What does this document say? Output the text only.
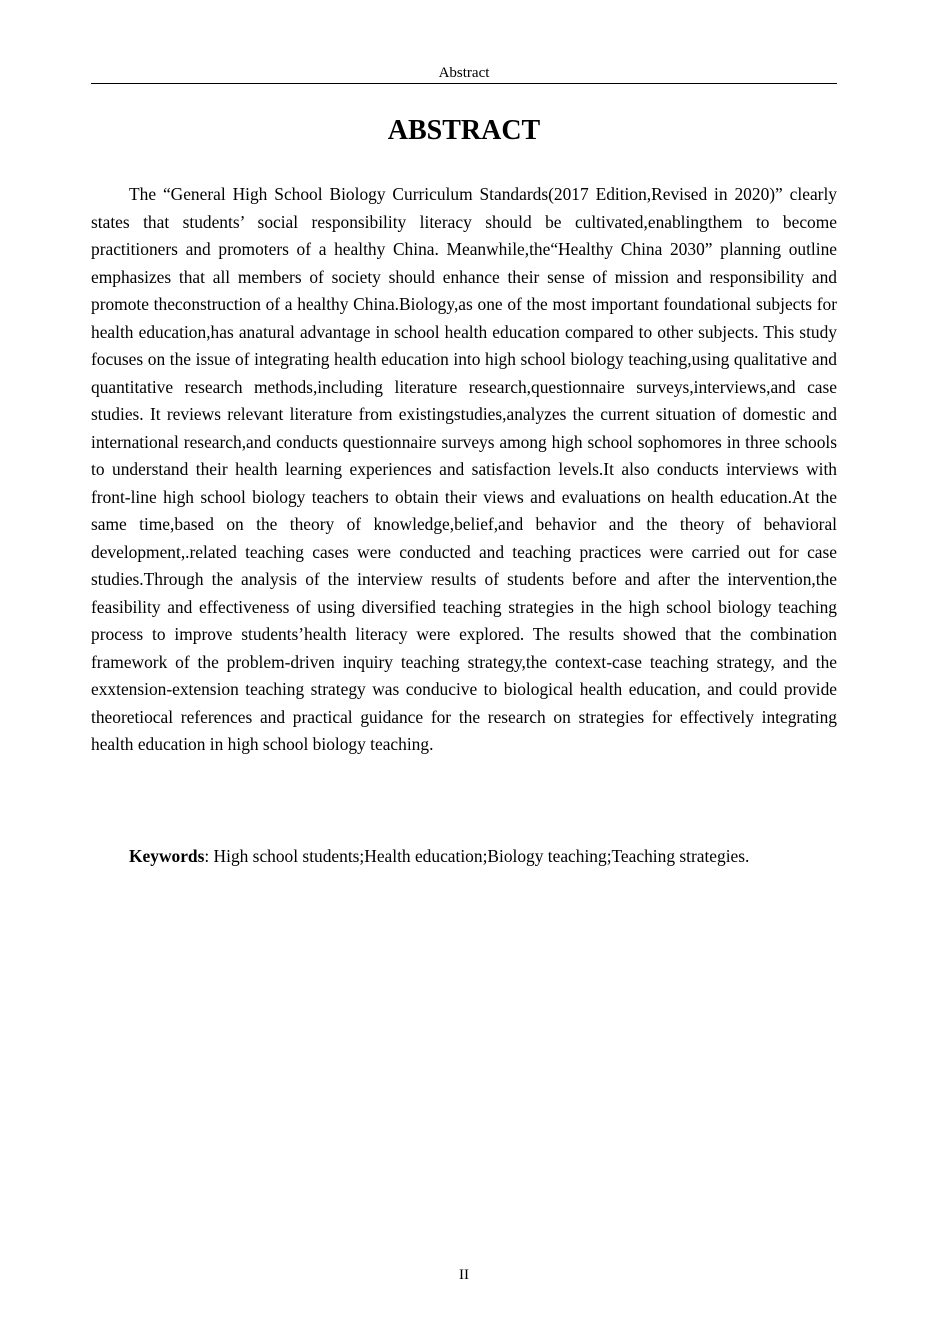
Abstract
ABSTRACT

The “General High School Biology Curriculum Standards(2017 Edition,Revised in 2020)” clearly states that students’ social responsibility literacy should be cultivated,enablingthem to become practitioners and promoters of a healthy China. Meanwhile,the“Healthy China 2030” planning outline emphasizes that all members of society should enhance their sense of mission and responsibility and promote theconstruction of a healthy China.Biology,as one of the most important foundational subjects for health education,has anatural advantage in school health education compared to other subjects. This study focuses on the issue of integrating health education into high school biology teaching,using qualitative and quantitative research methods,including literature research,questionnaire surveys,interviews,and case studies. It reviews relevant literature from existingstudies,analyzes the current situation of domestic and international research,and conducts questionnaire surveys among high school sophomores in three schools to understand their health learning experiences and satisfaction levels.It also conducts interviews with front-line high school biology teachers to obtain their views and evaluations on health education.At the same time,based on the theory of knowledge,belief,and behavior and the theory of behavioral development,.related teaching cases were conducted and teaching practices were carried out for case studies.Through the analysis of the interview results of students before and after the intervention,the feasibility and effectiveness of using diversified teaching strategies in the high school biology teaching process to improve students’health literacy were explored. The results showed that the combination framework of the problem-driven inquiry teaching strategy,the context-case teaching strategy, and the exxtension-extension teaching strategy was conducive to biological health education, and could provide theoretiocal references and practical guidance for the research on strategies for effectively integrating health education in high school biology teaching.

Keywords: High school students;Health education;Biology teaching;Teaching strategies.

II
